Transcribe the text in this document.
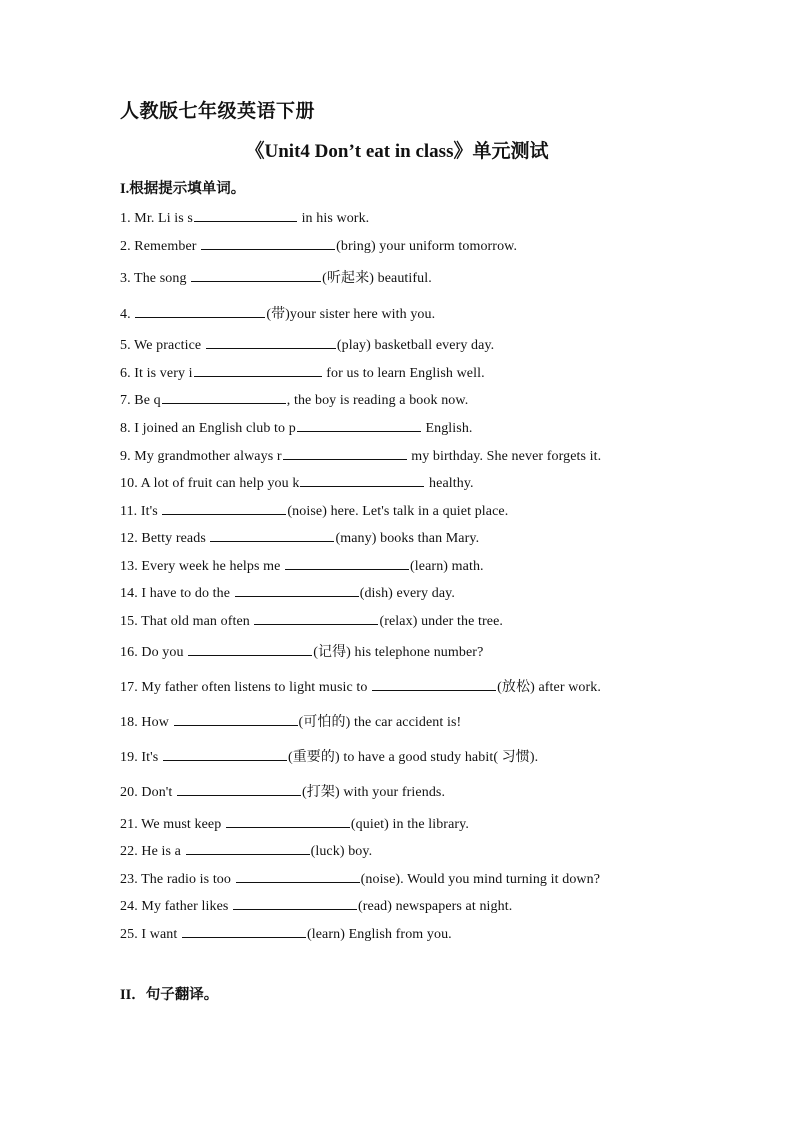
人教版七年级英语下册
《Unit4 Don’t eat in class》单元测试
I.根据提示填单词。
1. Mr. Li is s	in his work.
2. Remember	(bring) your uniform tomorrow.
3. The song	(听起来) beautiful.
4.	(带)your sister here with you.
5. We practice	(play) basketball every day.
6. It is very i	for us to learn English well.
7. Be q	, the boy is reading a book now.
8. I joined an English club to p	English.
9. My grandmother always r	my birthday. She never forgets it.
10. A lot of fruit can help you k	healthy.
11. It's	(noise) here. Let's talk in a quiet place.
12. Betty reads	(many) books than Mary.
13. Every week he helps me	(learn) math.
14. I have to do the	(dish) every day.
15. That old man often	(relax) under the tree.
16. Do you	(记得) his telephone number?
17. My father often listens to light music to	(放松) after work.
18. How	(可怕的) the car accident is!
19. It's	(重要的) to have a good study habit( 习惯).
20. Don't	(打架) with your friends.
21. We must keep	(quiet) in the library.
22. He is a	(luck) boy.
23. The radio is too	(noise). Would you mind turning it down?
24. My father likes	(read) newspapers at night.
25. I want	(learn) English from you.
II．句子翻译。
